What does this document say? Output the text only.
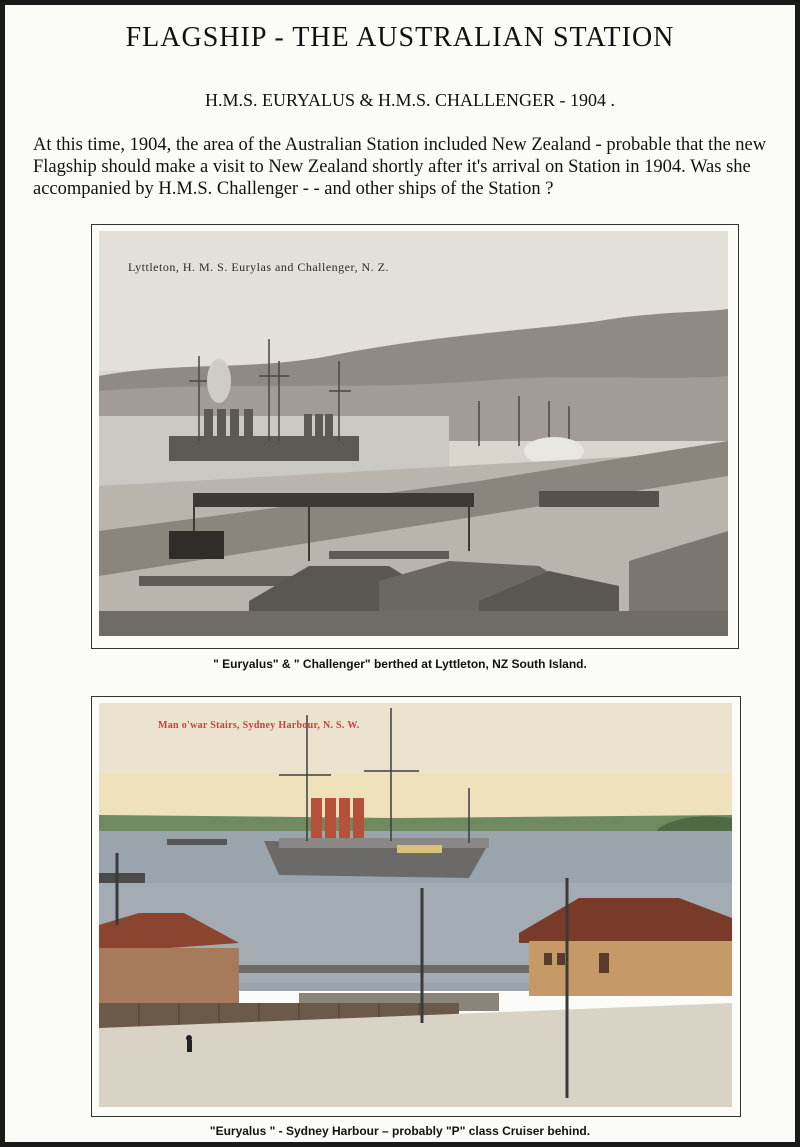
FLAGSHIP - THE AUSTRALIAN STATION
H.M.S. EURYALUS & H.M.S. CHALLENGER - 1904 .
At this time, 1904, the area of the Australian Station included New Zealand - probable that the new Flagship should make a visit to New Zealand shortly after it's arrival on Station in 1904. Was she accompanied by H.M.S. Challenger - - and other ships of the Station ?
Lyttleton, H. M. S. Eurylas and Challenger, N. Z.
" Euryalus" & " Challenger" berthed at Lyttleton, NZ South Island.
Man o'war Stairs, Sydney Harbour, N. S. W.
"Euryalus " - Sydney Harbour – probably "P" class Cruiser behind.
